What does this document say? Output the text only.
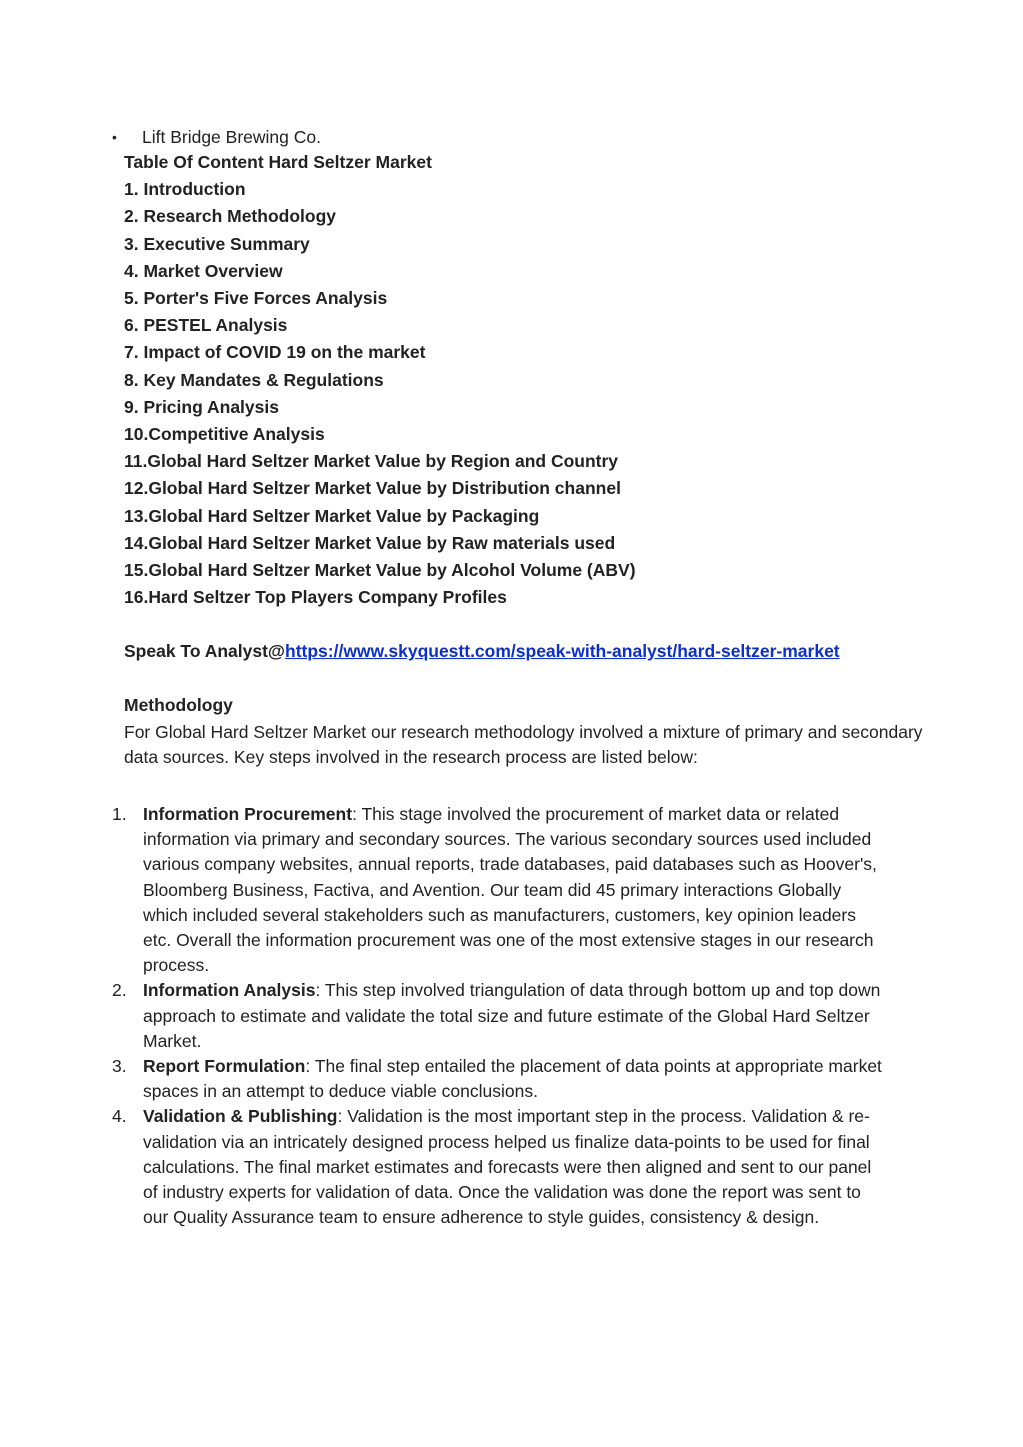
• Lift Bridge Brewing Co.
Table Of Content Hard Seltzer Market
1. Introduction
2. Research Methodology
3. Executive Summary
4. Market Overview
5. Porter's Five Forces Analysis
6. PESTEL Analysis
7. Impact of COVID 19 on the market
8. Key Mandates & Regulations
9. Pricing Analysis
10.Competitive Analysis
11.Global Hard Seltzer Market Value by Region and Country
12.Global Hard Seltzer Market Value by Distribution channel
13.Global Hard Seltzer Market Value by Packaging
14.Global Hard Seltzer Market Value by Raw materials used
15.Global Hard Seltzer Market Value by Alcohol Volume (ABV)
16.Hard Seltzer Top Players Company Profiles
Speak To Analyst@https://www.skyquestt.com/speak-with-analyst/hard-seltzer-market
Methodology
For Global Hard Seltzer Market our research methodology involved a mixture of primary and secondary data sources. Key steps involved in the research process are listed below:
1. Information Procurement: This stage involved the procurement of market data or related information via primary and secondary sources. The various secondary sources used included various company websites, annual reports, trade databases, paid databases such as Hoover's, Bloomberg Business, Factiva, and Avention. Our team did 45 primary interactions Globally which included several stakeholders such as manufacturers, customers, key opinion leaders etc. Overall the information procurement was one of the most extensive stages in our research process.
2. Information Analysis: This step involved triangulation of data through bottom up and top down approach to estimate and validate the total size and future estimate of the Global Hard Seltzer Market.
3. Report Formulation: The final step entailed the placement of data points at appropriate market spaces in an attempt to deduce viable conclusions.
4. Validation & Publishing: Validation is the most important step in the process. Validation & re-validation via an intricately designed process helped us finalize data-points to be used for final calculations. The final market estimates and forecasts were then aligned and sent to our panel of industry experts for validation of data. Once the validation was done the report was sent to our Quality Assurance team to ensure adherence to style guides, consistency & design.
